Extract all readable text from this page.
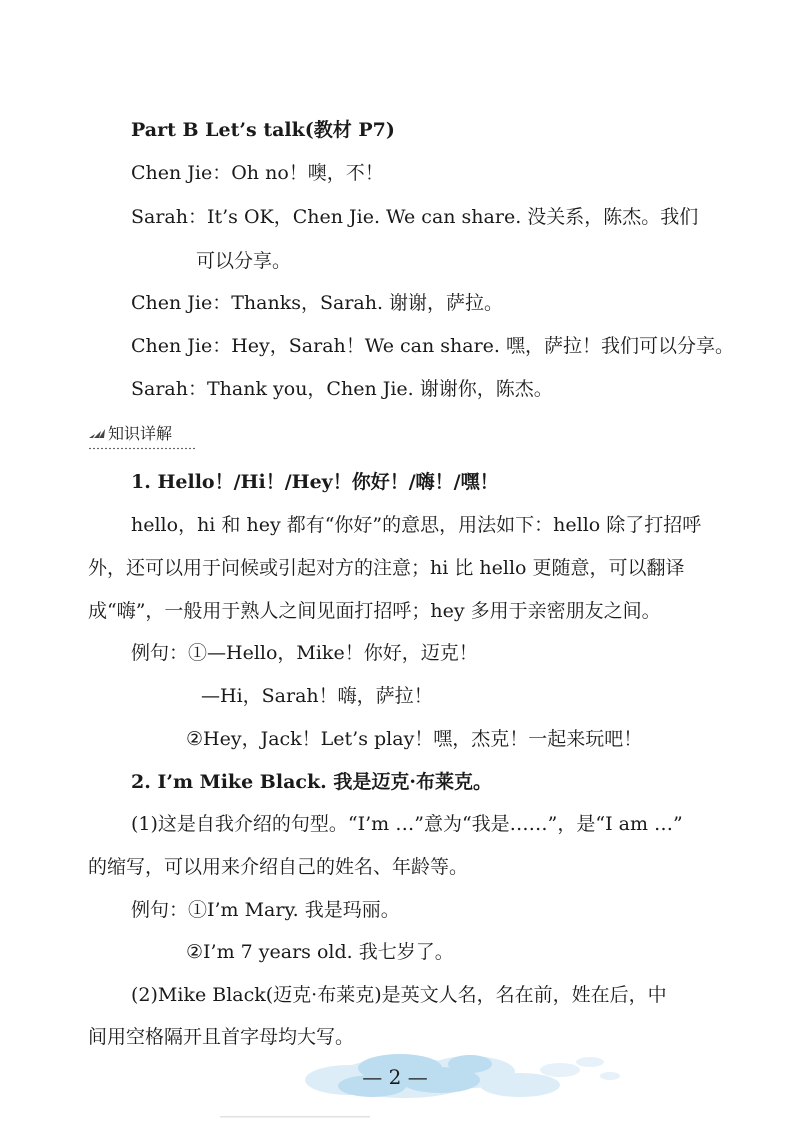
Part B Let’s talk(教材 P7)
Chen Jie：Oh no！噢，不！
Sarah：It’s OK，Chen Jie. We can share. 没关系，陈杰。我们
可以分享。
Chen Jie：Thanks，Sarah. 谢谢，萨拉。
Chen Jie：Hey，Sarah！We can share. 嘿，萨拉！我们可以分享。
Sarah：Thank you，Chen Jie. 谢谢你，陈杰。
知识详解
1. Hello！/Hi！/Hey！你好！/嗨！/嘿！
hello，hi 和 hey 都有“你好”的意思，用法如下：hello 除了打招呼
外，还可以用于问候或引起对方的注意；hi 比 hello 更随意，可以翻译
成“嗨”，一般用于熟人之间见面打招呼；hey 多用于亲密朋友之间。
例句：①—Hello，Mike！你好，迈克！
—Hi，Sarah！嗨，萨拉！
②Hey，Jack！Let’s play！嘿，杰克！一起来玩吧！
2. I’m Mike Black. 我是迈克·布莱克。
(1)这是自我介绍的句型。“I’m …”意为“我是……”，是“I am …”
的缩写，可以用来介绍自己的姓名、年龄等。
例句：①I’m Mary. 我是玛丽。
②I’m 7 years old. 我七岁了。
(2)Mike Black(迈克·布莱克)是英文人名，名在前，姓在后，中
间用空格隔开且首字母均大写。
— 2 —
